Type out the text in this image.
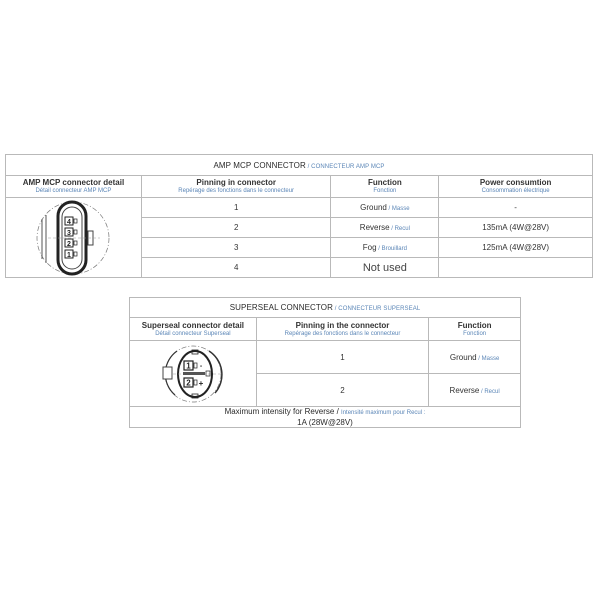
AMP MCP CONNECTOR / CONNECTEUR AMP MCP			

AMP MCP connector detail
Détail connecteur AMP MCP

Pinning in connector
Repérage des fonctions dans le connecteur

Function
Fonction

Power consumtion
Consommation électrique

4
3
2
1	1	Ground / Masse	-
	2	Reverse / Recul	135mA (4W@28V)
	3	Fog / Brouillard	125mA (4W@28V)
	4	Not used	
SUPERSEAL CONNECTOR / CONNECTEUR SUPERSEAL		

Superseal connector detail
Détail connecteur Superseal

Pinning in the connector
Repérage des fonctions dans le connecteur

Function
Fonction

1
2
-
+	1	Ground / Masse
	2	Reverse / Recul

Maximum intensity for Reverse / Intensité maximum pour Recul :
1A (28W@28V)		
